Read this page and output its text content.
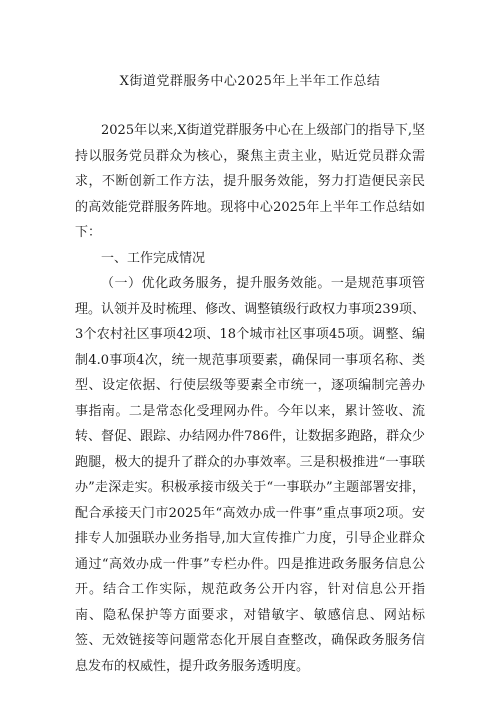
X街道党群服务中心2025年上半年工作总结

2025年以来,X街道党群服务中心在上级部门的指导下,坚持以服务党员群众为核心，聚焦主责主业，贴近党员群众需求，不断创新工作方法，提升服务效能，努力打造便民亲民的高效能党群服务阵地。现将中心2025年上半年工作总结如下：

一、工作完成情况

（一）优化政务服务，提升服务效能。一是规范事项管理。认领并及时梳理、修改、调整镇级行政权力事项239项、3个农村社区事项42项、18个城市社区事项45项。调整、编制4.0事项4次，统一规范事项要素，确保同一事项名称、类型、设定依据、行使层级等要素全市统一，逐项编制完善办事指南。二是常态化受理网办件。今年以来，累计签收、流转、督促、跟踪、办结网办件786件，让数据多跑路，群众少跑腿，极大的提升了群众的办事效率。三是积极推进“一事联办”走深走实。积极承接市级关于“一事联办”主题部署安排，配合承接天门市2025年“高效办成一件事”重点事项2项。安排专人加强联办业务指导,加大宣传推广力度，引导企业群众通过“高效办成一件事”专栏办件。四是推进政务服务信息公开。结合工作实际，规范政务公开内容，针对信息公开指南、隐私保护等方面要求，对错敏字、敏感信息、网站标签、无效链接等问题常态化开展自查整改，确保政务服务信息发布的权威性，提升政务服务透明度。
